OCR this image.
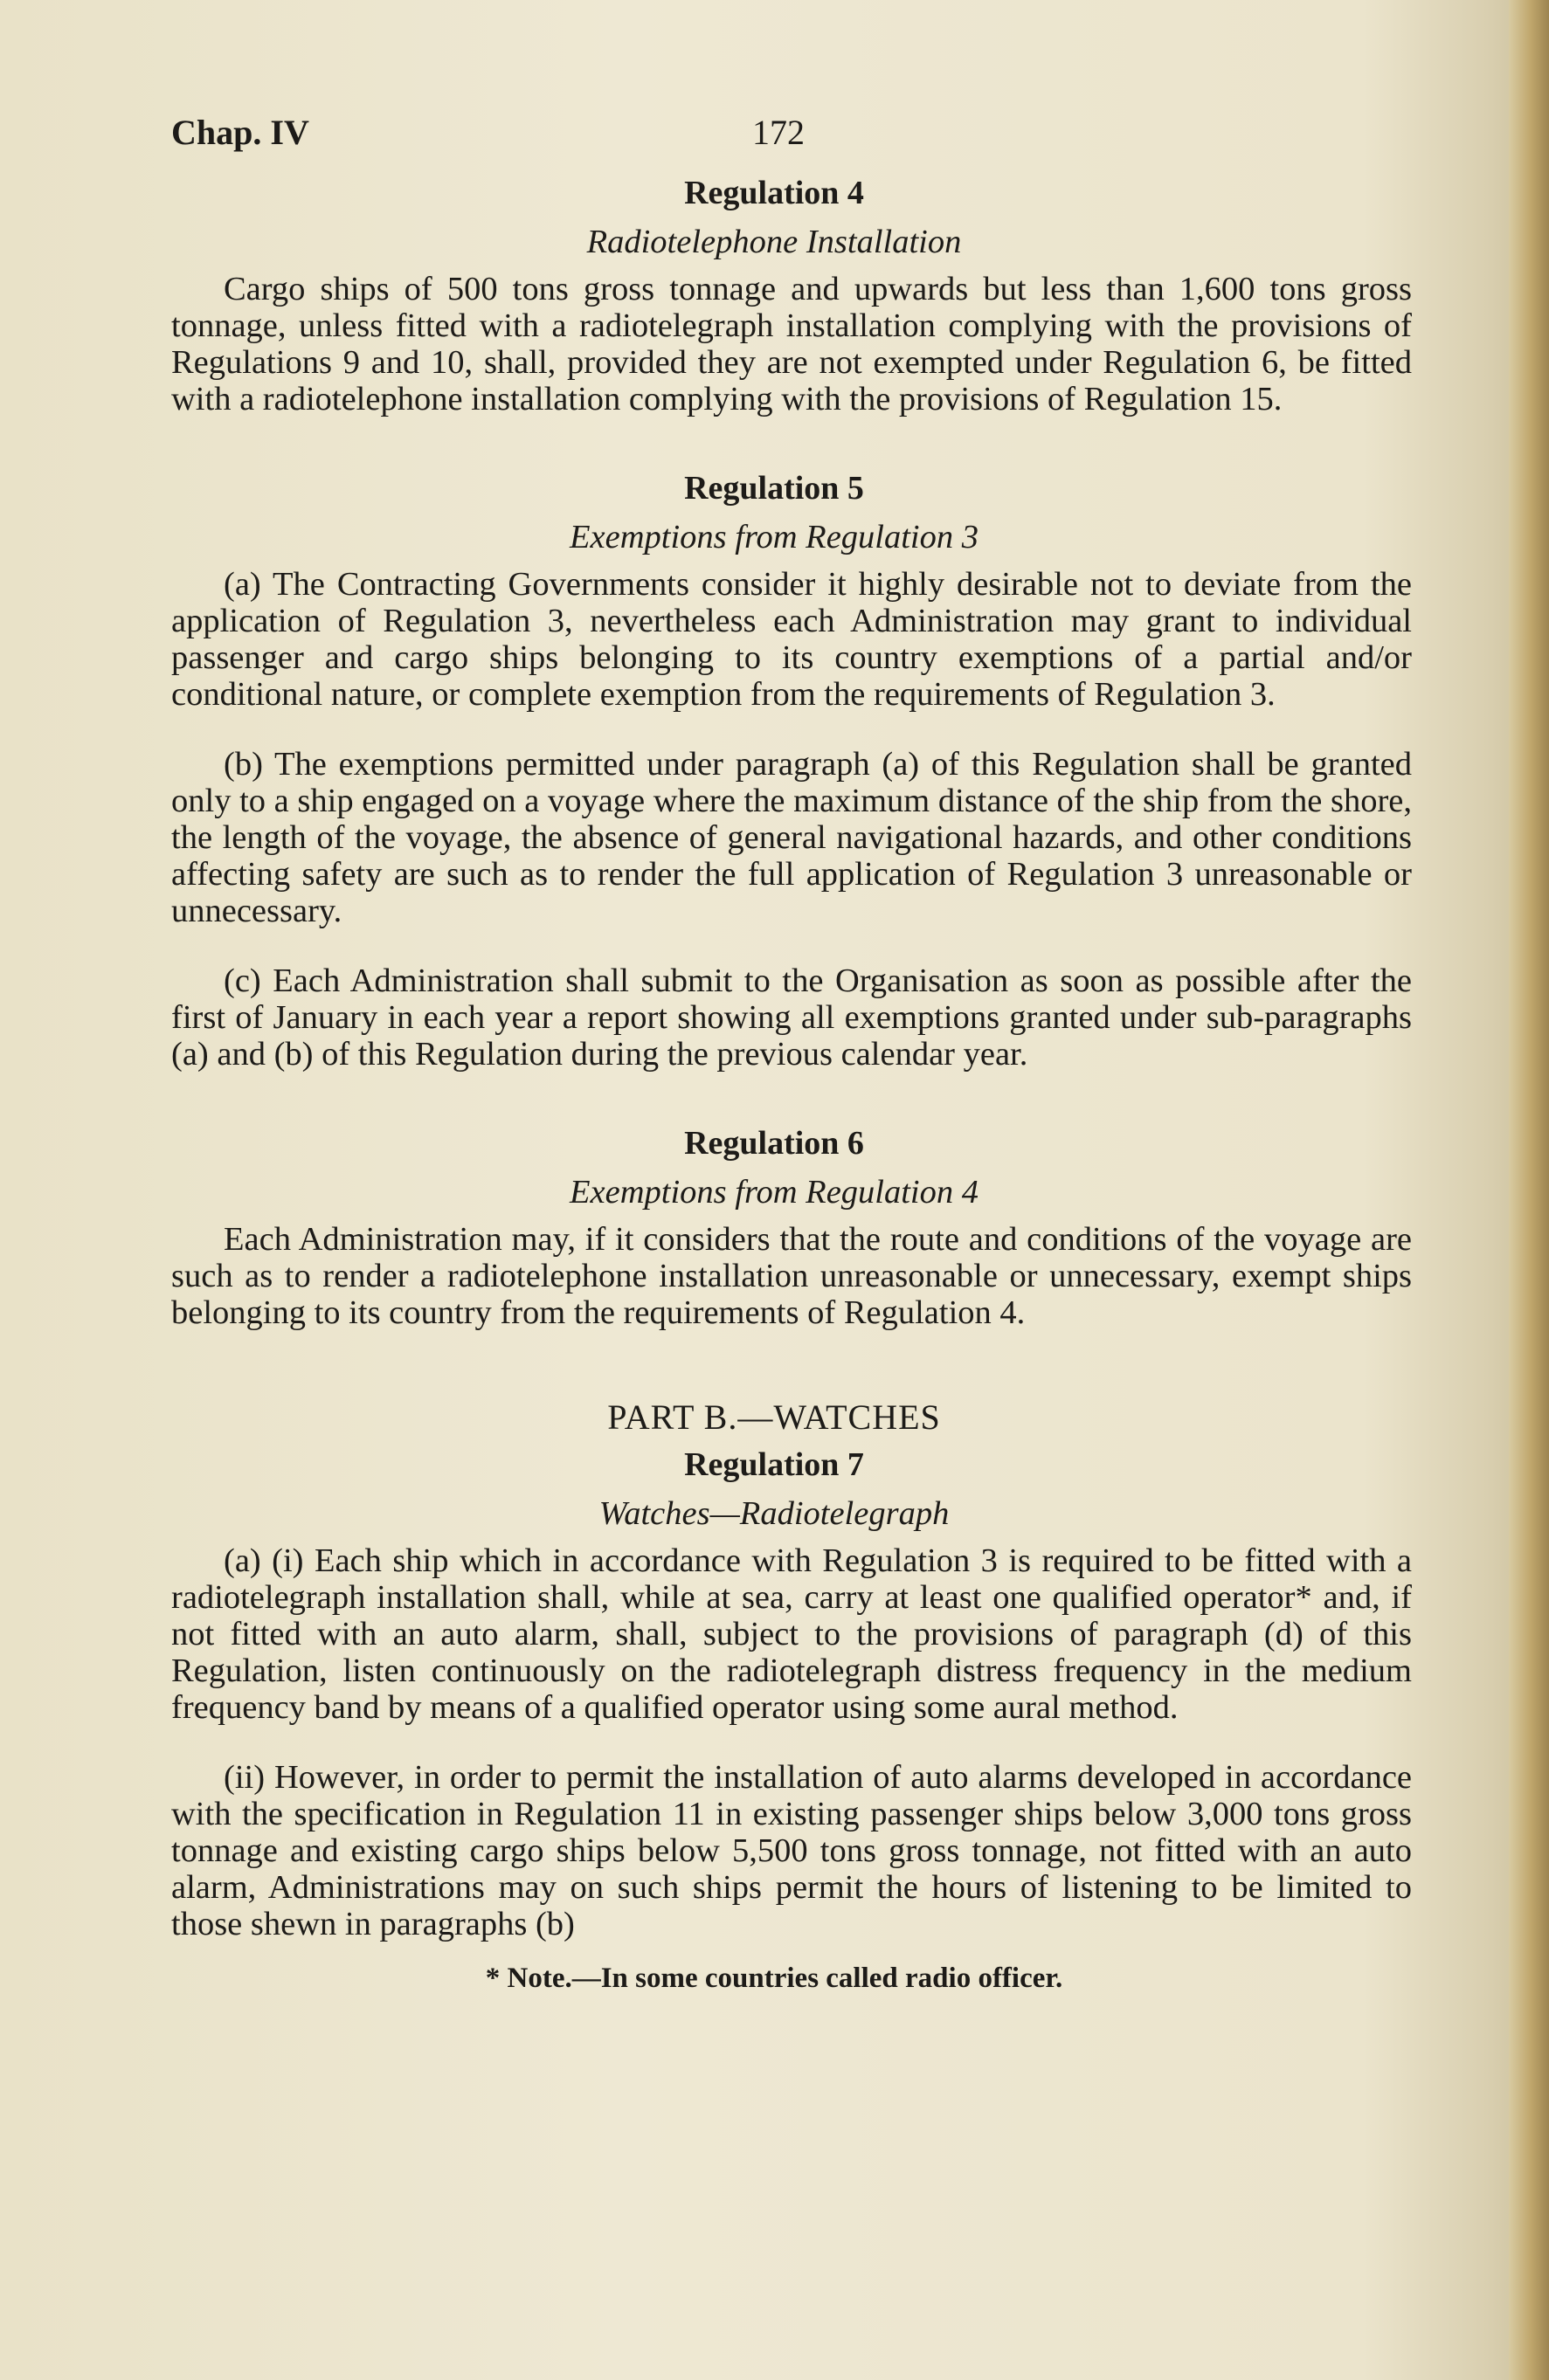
Chap. IV	172
Regulation 4
Radiotelephone Installation

Cargo ships of 500 tons gross tonnage and upwards but less than 1,600 tons gross tonnage, unless fitted with a radiotelegraph installation complying with the provisions of Regulations 9 and 10, shall, provided they are not exempted under Regulation 6, be fitted with a radiotelephone installation complying with the provisions of Regulation 15.

Regulation 5
Exemptions from Regulation 3

(a) The Contracting Governments consider it highly desirable not to deviate from the application of Regulation 3, nevertheless each Administration may grant to individual passenger and cargo ships belonging to its country exemptions of a partial and/or conditional nature, or complete exemption from the requirements of Regulation 3.

(b) The exemptions permitted under paragraph (a) of this Regulation shall be granted only to a ship engaged on a voyage where the maximum distance of the ship from the shore, the length of the voyage, the absence of general navigational hazards, and other conditions affecting safety are such as to render the full application of Regulation 3 unreasonable or unnecessary.

(c) Each Administration shall submit to the Organisation as soon as possible after the first of January in each year a report showing all exemptions granted under sub-paragraphs (a) and (b) of this Regulation during the previous calendar year.

Regulation 6
Exemptions from Regulation 4

Each Administration may, if it considers that the route and conditions of the voyage are such as to render a radiotelephone installation unreasonable or unnecessary, exempt ships belonging to its country from the requirements of Regulation 4.

PART B.—WATCHES
Regulation 7
Watches—Radiotelegraph

(a) (i) Each ship which in accordance with Regulation 3 is required to be fitted with a radiotelegraph installation shall, while at sea, carry at least one qualified operator* and, if not fitted with an auto alarm, shall, subject to the provisions of paragraph (d) of this Regulation, listen continuously on the radiotelegraph distress frequency in the medium frequency band by means of a qualified operator using some aural method.

(ii) However, in order to permit the installation of auto alarms developed in accordance with the specification in Regulation 11 in existing passenger ships below 3,000 tons gross tonnage and existing cargo ships below 5,500 tons gross tonnage, not fitted with an auto alarm, Administrations may on such ships permit the hours of listening to be limited to those shewn in paragraphs (b)

* Note.—In some countries called radio officer.
